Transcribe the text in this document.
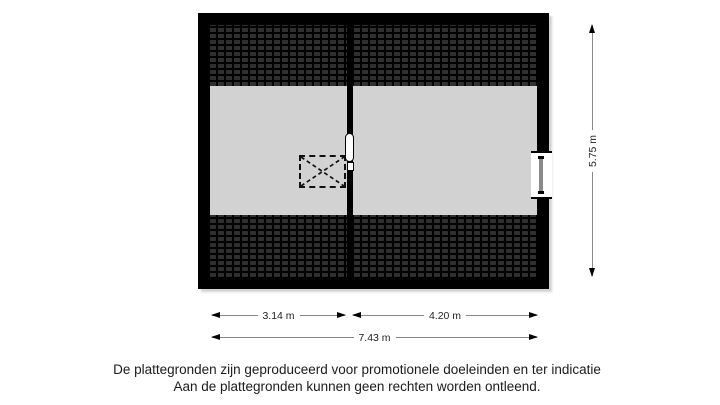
3.14 m	4.20 m
7.43 m
5.75 m
De plattegronden zijn geproduceerd voor promotionele doeleinden en ter indicatie
Aan de plattegronden kunnen geen rechten worden ontleend.
